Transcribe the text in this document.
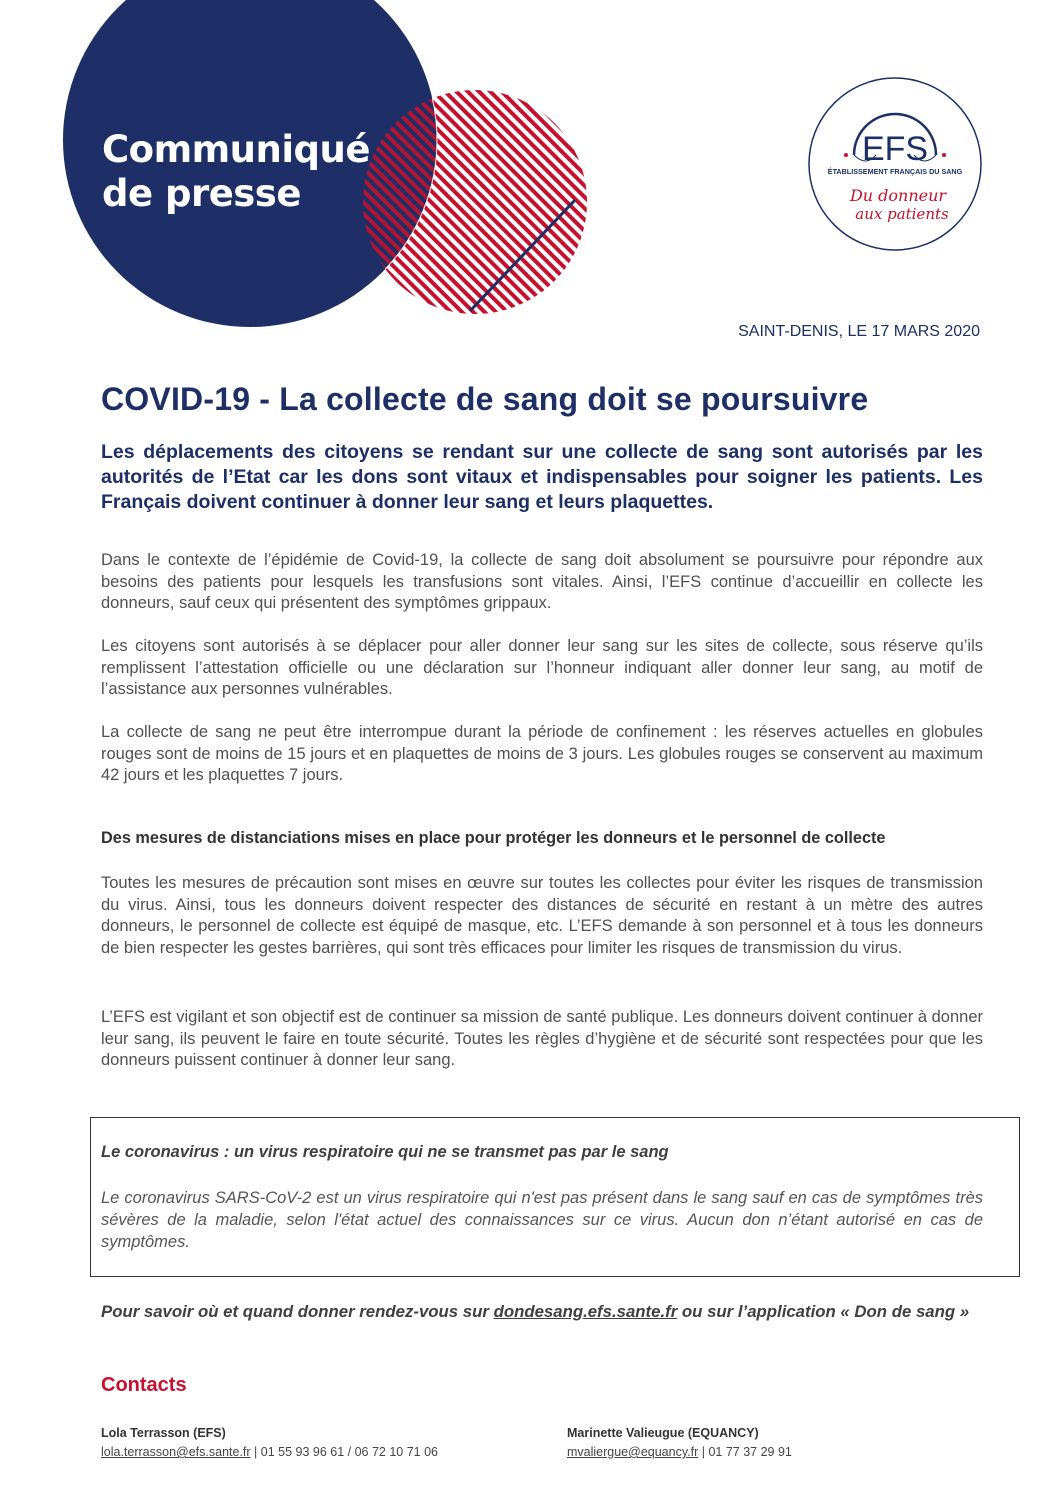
Communiqué
de presse
EFS
ÉTABLISSEMENT FRANÇAIS DU SANG
Du donneur
aux patients
SAINT-DENIS, LE 17 MARS 2020
COVID-19 - La collecte de sang doit se poursuivre
Les déplacements des citoyens se rendant sur une collecte de sang sont autorisés par les autorités de l’Etat car les dons sont vitaux et indispensables pour soigner les patients. Les Français doivent continuer à donner leur sang et leurs plaquettes.
Dans le contexte de l’épidémie de Covid-19, la collecte de sang doit absolument se poursuivre pour répondre aux besoins des patients pour lesquels les transfusions sont vitales. Ainsi, l’EFS continue d’accueillir en collecte les donneurs, sauf ceux qui présentent des symptômes grippaux.
Les citoyens sont autorisés à se déplacer pour aller donner leur sang sur les sites de collecte, sous réserve qu’ils remplissent l’attestation officielle ou une déclaration sur l’honneur indiquant aller donner leur sang, au motif de l’assistance aux personnes vulnérables.
La collecte de sang ne peut être interrompue durant la période de confinement : les réserves actuelles en globules rouges sont de moins de 15 jours et en plaquettes de moins de 3 jours. Les globules rouges se conservent au maximum 42 jours et les plaquettes 7 jours.
Des mesures de distanciations mises en place pour protéger les donneurs et le personnel de collecte
Toutes les mesures de précaution sont mises en œuvre sur toutes les collectes pour éviter les risques de transmission du virus. Ainsi, tous les donneurs doivent respecter des distances de sécurité en restant à un mètre des autres donneurs, le personnel de collecte est équipé de masque, etc. L’EFS demande à son personnel et à tous les donneurs de bien respecter les gestes barrières, qui sont très efficaces pour limiter les risques de transmission du virus.
L’EFS est vigilant et son objectif est de continuer sa mission de santé publique. Les donneurs doivent continuer à donner leur sang, ils peuvent le faire en toute sécurité. Toutes les règles d’hygiène et de sécurité sont respectées pour que les donneurs puissent continuer à donner leur sang.
Le coronavirus : un virus respiratoire qui ne se transmet pas par le sang
Le coronavirus SARS-CoV-2 est un virus respiratoire qui n'est pas présent dans le sang sauf en cas de symptômes très sévères de la maladie, selon l'état actuel des connaissances sur ce virus. Aucun don n’étant autorisé en cas de symptômes.
Pour savoir où et quand donner rendez-vous sur dondesang.efs.sante.fr ou sur l’application « Don de sang »
Contacts
Lola Terrasson (EFS)
lola.terrasson@efs.sante.fr | 01 55 93 96 61 / 06 72 10 71 06
Marinette Valieugue (EQUANCY)
mvaliergue@equancy.fr | 01 77 37 29 91
